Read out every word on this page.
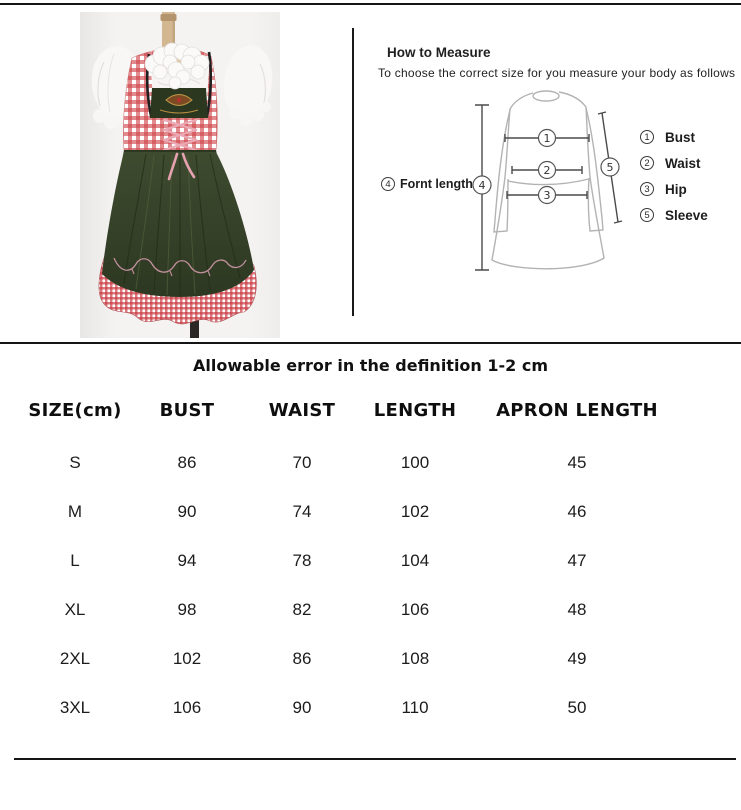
How to Measure
To choose the correct size for you measure your body as follows
4 Fornt length
1
2
3
4
5
1	Bust
2	Waist
3	Hip
5	Sleeve
Allowable error in the definition 1-2 cm
SIZE(cm)	BUST	WAIST	LENGTH	APRON LENGTH
S	86	70	100	45
M	90	74	102	46
L	94	78	104	47
XL	98	82	106	48
2XL	102	86	108	49
3XL	106	90	110	50
